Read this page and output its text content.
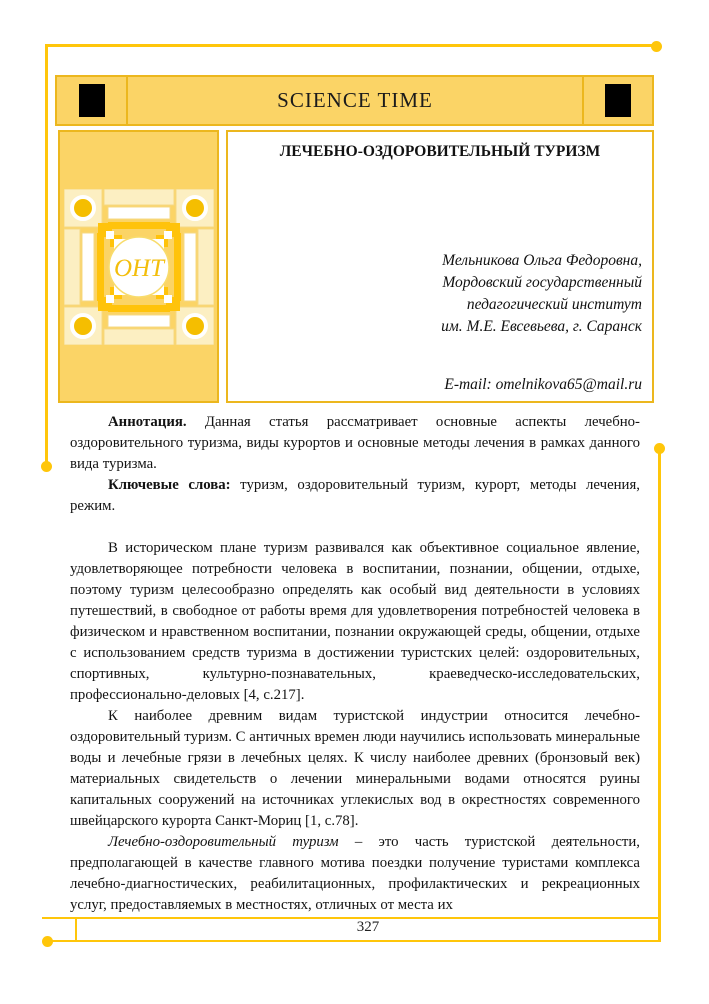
SCIENCE TIME
ОНТ
ЛЕЧЕБНО-ОЗДОРОВИТЕЛЬНЫЙ ТУРИЗМ
Мельникова Ольга Федоровна,
Мордовский государственный
педагогический институт
им. М.Е. Евсевьева, г. Саранск
E-mail: omelnikova65@mail.ru

Аннотация. Данная статья рассматривает основные аспекты лечебно-оздоровительного туризма, виды курортов и основные методы лечения в рамках данного вида туризма.

Ключевые слова: туризм, оздоровительный туризм, курорт, методы лечения, режим.

В историческом плане туризм развивался как объективное социальное явление, удовлетворяющее потребности человека в воспитании, познании, общении, отдыхе, поэтому туризм целесообразно определять как особый вид деятельности в условиях путешествий, в свободное от работы время для удовлетворения потребностей человека в физическом и нравственном воспитании, познании окружающей среды, общении, отдыхе с использованием средств туризма в достижении туристских целей: оздоровительных, спортивных, культурно-познавательных, краеведческо-исследовательских, профессионально-деловых [4, с.217].

К наиболее древним видам туристской индустрии относится лечебно-оздоровительный туризм. С античных времен люди научились использовать минеральные воды и лечебные грязи в лечебных целях. К числу наиболее древних (бронзовый век) материальных свидетельств о лечении минеральными водами относятся руины капитальных сооружений на источниках углекислых вод в окрестностях современного швейцарского курорта Санкт-Мориц [1, с.78].

Лечебно-оздоровительный туризм – это часть туристской деятельности, предполагающей в качестве главного мотива поездки получение туристами комплекса лечебно-диагностических, реабилитационных, профилактических и рекреационных услуг, предоставляемых в местностях, отличных от места их

327
